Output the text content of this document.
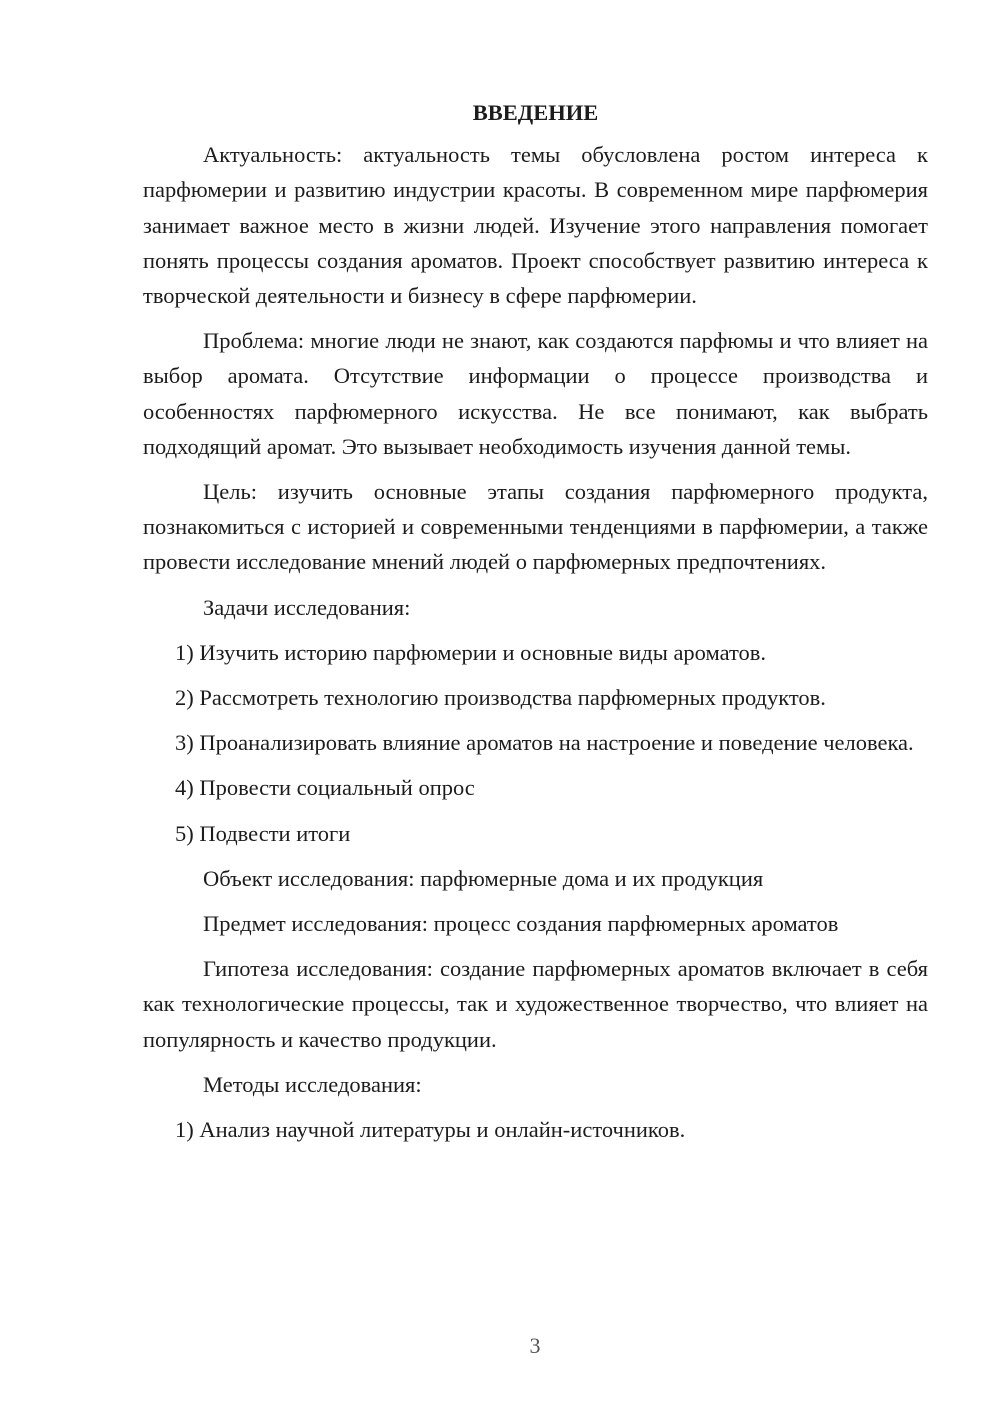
ВВЕДЕНИЕ

Актуальность: актуальность темы обусловлена ростом интереса к парфюмерии и развитию индустрии красоты. В современном мире парфюмерия занимает важное место в жизни людей. Изучение этого направления помогает понять процессы создания ароматов. Проект способствует развитию интереса к творческой деятельности и бизнесу в сфере парфюмерии.

Проблема: многие люди не знают, как создаются парфюмы и что влияет на выбор аромата. Отсутствие информации о процессе производства и особенностях парфюмерного искусства. Не все понимают, как выбрать подходящий аромат. Это вызывает необходимость изучения данной темы.

Цель: изучить основные этапы создания парфюмерного продукта, познакомиться с историей и современными тенденциями в парфюмерии, а также провести исследование мнений людей о парфюмерных предпочтениях.

Задачи исследования:

1) Изучить историю парфюмерии и основные виды ароматов.

2) Рассмотреть технологию производства парфюмерных продуктов.

3) Проанализировать влияние ароматов на настроение и поведение человека.

4) Провести социальный опрос

5) Подвести итоги

Объект исследования: парфюмерные дома и их продукция

Предмет исследования: процесс создания парфюмерных ароматов

Гипотеза исследования: создание парфюмерных ароматов включает в себя как технологические процессы, так и художественное творчество, что влияет на популярность и качество продукции.

Методы исследования:

1) Анализ научной литературы и онлайн-источников.

3
